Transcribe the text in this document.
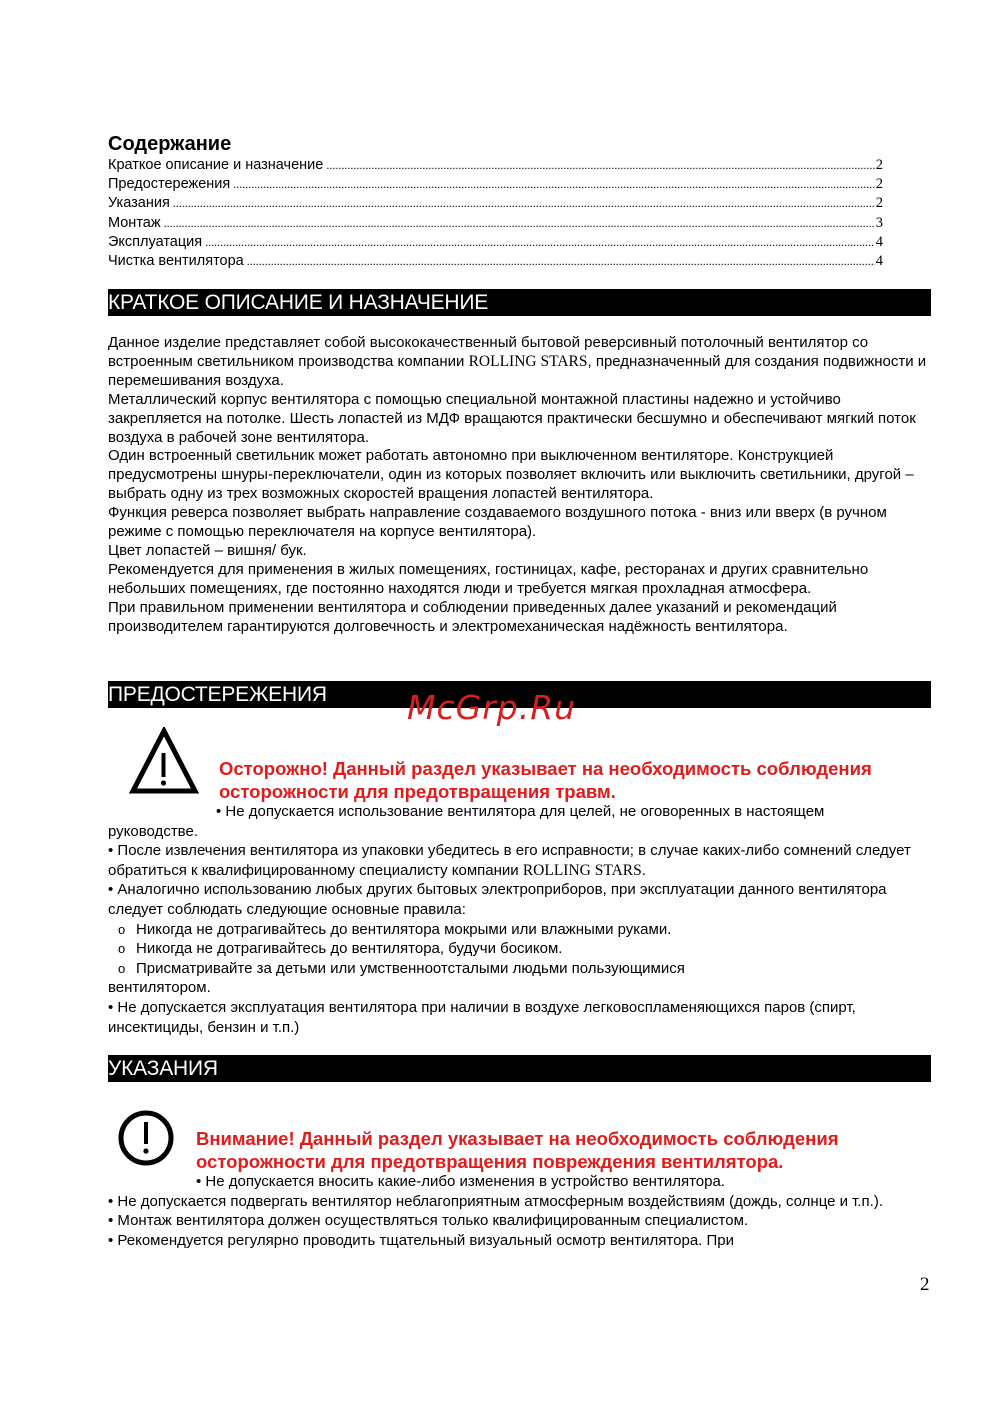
Содержание
Краткое описание и назначение .....	2
Предостережения .....	2
Указания .....	2
Монтаж .....	3
Эксплуатация .....	4
Чистка вентилятора .....	4
КРАТКОЕ ОПИСАНИЕ И НАЗНАЧЕНИЕ

Данное изделие представляет собой высококачественный бытовой реверсивный потолочный вентилятор со встроенным светильником производства компании ROLLING STARS, предназначенный для создания подвижности и перемешивания воздуха.

Металлический корпус вентилятора с помощью специальной монтажной пластины надежно и устойчиво закрепляется на потолке. Шесть лопастей из МДФ вращаются практически бесшумно и обеспечивают мягкий поток воздуха в рабочей зоне вентилятора.

Один встроенный светильник может работать автономно при выключенном вентиляторе. Конструкцией предусмотрены шнуры-переключатели, один из которых позволяет включить или выключить светильники, другой – выбрать одну из трех возможных скоростей вращения лопастей вентилятора.

Функция реверса позволяет выбрать направление создаваемого воздушного потока - вниз или вверх (в ручном режиме с помощью переключателя на корпусе вентилятора).

Цвет лопастей – вишня/ бук.

Рекомендуется для применения в жилых помещениях, гостиницах, кафе, ресторанах и других сравнительно небольших помещениях, где постоянно находятся люди и требуется мягкая прохладная атмосфера.

При правильном применении вентилятора и соблюдении приведенных далее указаний и рекомендаций производителем гарантируются долговечность и электромеханическая надёжность вентилятора.

ПРЕДОСТЕРЕЖЕНИЯ	McGrp.Ru
Осторожно! Данный раздел указывает на необходимость соблюдения
осторожности для предотвращения травм.

• Не допускается использование вентилятора для целей, не оговоренных в настоящем

руководстве.

• После извлечения вентилятора из упаковки убедитесь в его исправности; в случае каких-либо сомнений следует обратиться к квалифицированному специалисту компании ROLLING STARS.

• Аналогично использованию любых других бытовых электроприборов, при эксплуатации данного вентилятора следует соблюдать следующие основные правила:

o Никогда не дотрагивайтесь до вентилятора мокрыми или влажными руками.

o Никогда не дотрагивайтесь до вентилятора, будучи босиком.

o Присматривайте за детьми или умственноотсталыми людьми пользующимися

вентилятором.

• Не допускается эксплуатация вентилятора при наличии в воздухе легковоспламеняющихся паров (спирт, инсектициды, бензин и т.п.)

УКАЗАНИЯ
Внимание! Данный раздел указывает на необходимость соблюдения
осторожности для предотвращения повреждения вентилятора.

• Не допускается вносить какие-либо изменения в устройство вентилятора.

• Не допускается подвергать вентилятор неблагоприятным атмосферным воздействиям (дождь, солнце и т.п.).

• Монтаж вентилятора должен осуществляться только квалифицированным специалистом.

• Рекомендуется регулярно проводить тщательный визуальный осмотр вентилятора. При

2
